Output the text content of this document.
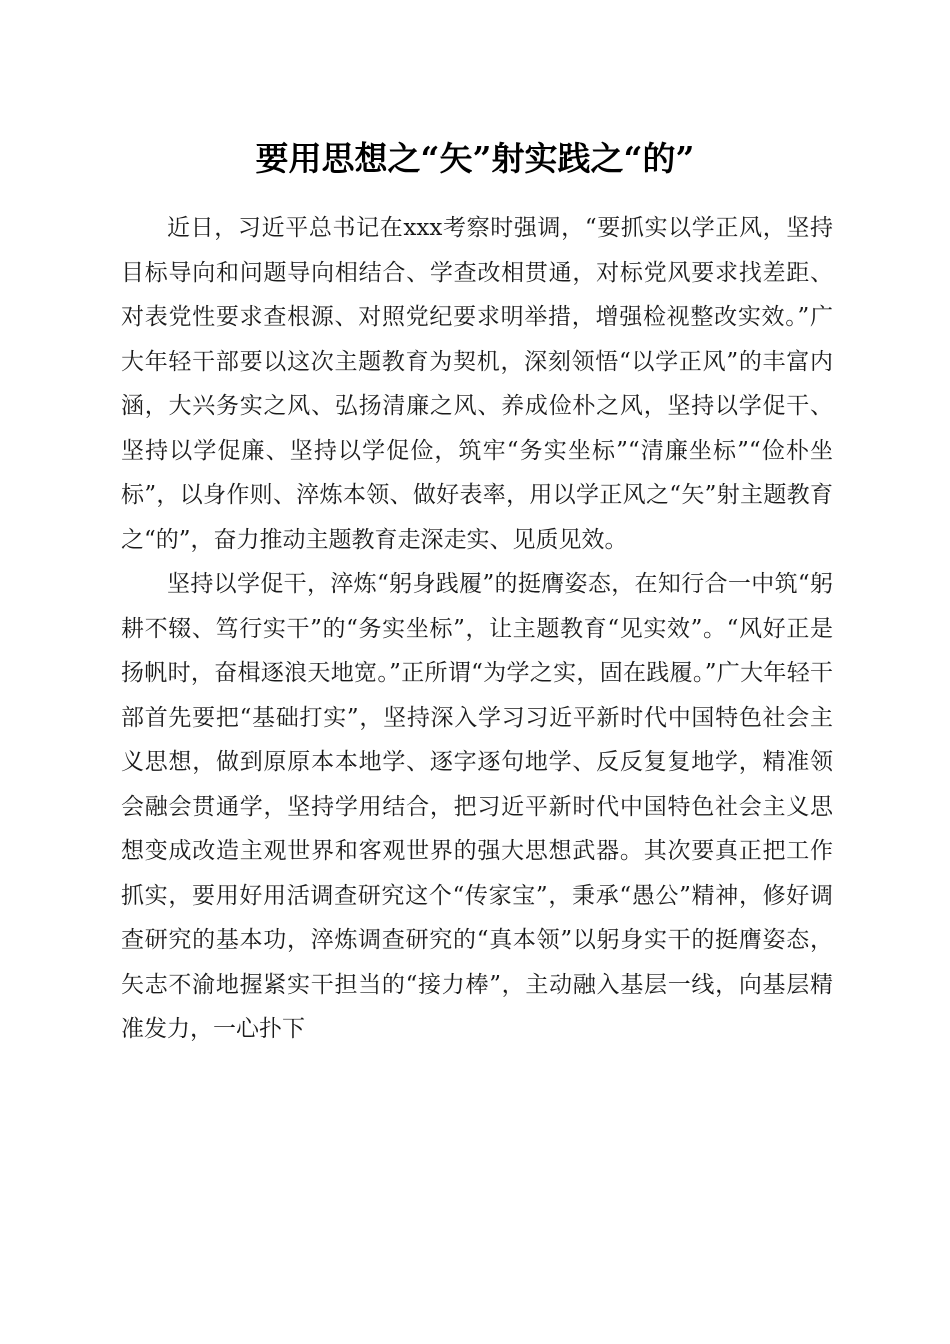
要用思想之“矢”射实践之“的”

近日，习近平总书记在xxx考察时强调，“要抓实以学正风，坚持目标导向和问题导向相结合、学查改相贯通，对标党风要求找差距、对表党性要求查根源、对照党纪要求明举措，增强检视整改实效。”广大年轻干部要以这次主题教育为契机，深刻领悟“以学正风”的丰富内涵，大兴务实之风、弘扬清廉之风、养成俭朴之风，坚持以学促干、坚持以学促廉、坚持以学促俭，筑牢“务实坐标”“清廉坐标”“俭朴坐标”，以身作则、淬炼本领、做好表率，用以学正风之“矢”射主题教育之“的”，奋力推动主题教育走深走实、见质见效。

坚持以学促干，淬炼“躬身践履”的挺膺姿态，在知行合一中筑“躬耕不辍、笃行实干”的“务实坐标”，让主题教育“见实效”。“风好正是扬帆时，奋楫逐浪天地宽。”正所谓“为学之实，固在践履。”广大年轻干部首先要把“基础打实”，坚持深入学习习近平新时代中国特色社会主义思想，做到原原本本地学、逐字逐句地学、反反复复地学，精准领会融会贯通学，坚持学用结合，把习近平新时代中国特色社会主义思想变成改造主观世界和客观世界的强大思想武器。其次要真正把工作抓实，要用好用活调查研究这个“传家宝”，秉承“愚公”精神，修好调查研究的基本功，淬炼调查研究的“真本领”以躬身实干的挺膺姿态，矢志不渝地握紧实干担当的“接力棒”，主动融入基层一线，向基层精准发力，一心扑下
